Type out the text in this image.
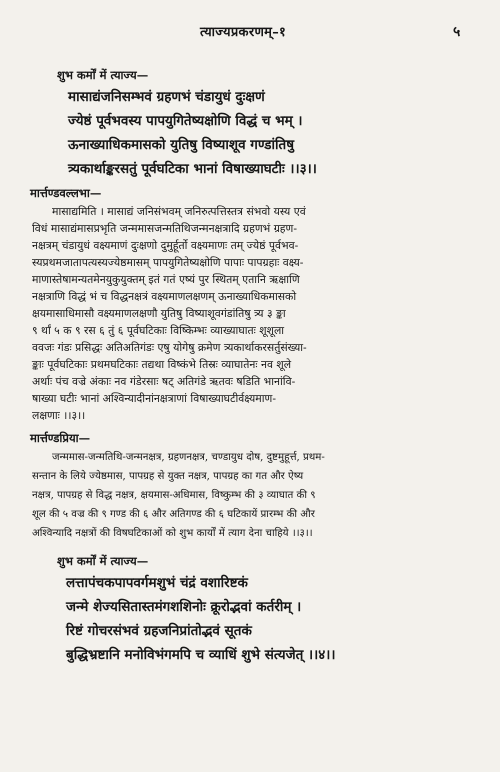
त्याज्यप्रकरणम्–१	५
शुभ कर्मों में त्याज्य—
मासाद्यंजनिसम्भवं ग्रहणभं चंडायुधं दुःक्षणं
ज्येष्ठं पूर्वभवस्य पापयुगितेष्यक्षोणि विद्धं च भम् ।
ऊनाख्याधिकमासको युतिषु विष्याशूव गण्डांतिषु
त्र्यकार्थाङ्करसतुं पूर्वघटिका भानां विषाख्याघटीः ।।३।।
मार्त्तण्डवल्लभा—
मासाद्यमिति । मासाद्यं जनिसंभवम् जनिरुत्पत्तिस्तत्र संभवो यस्य एवं
विधं मासाद्यंमासप्रभृति जन्ममासजन्मतिथिजन्मनक्षत्रादि ग्रहणभं ग्रहण-
नक्षत्रम् चंडायुधं वक्ष्यमाणं दुःक्षणो दुमुर्हूर्तो वक्ष्यमाणः तम् ज्येष्ठं पूर्वभव-
स्यप्रथमजातापत्यस्यज्येष्ठमासम् पापयुगितेष्यक्षोणि पापाः पापग्रहाः वक्ष्य-
माणास्तेषामन्यतमेनयुकुयुक्तम् इतं गतं एष्यं पुर स्थितम् एतानि ऋक्षाणि
नक्षत्राणि विद्धं भं च विद्धनक्षत्रं वक्ष्यमाणलक्षणम् ऊनाख्याधिकमासको
क्षयमासाधिमासौ वक्ष्यमाणलक्षणौ युतिषु विष्याशूवगंडांतिषु त्र्य ३ ङ्का
९ र्थां ५ क ९ रस ६ तुं ६ पूर्वघटिकाः विष्किम्भः व्याख्याघातः शूशूला
ववजः गंडः प्रसिद्धः अतिअतिगंडः एषु योगेषु क्रमेण त्र्यकार्थाकरसर्तुसंख्या-
ङ्काः पूर्वघटिकाः प्रथमघटिकाः तद्यथा विष्कंभे तिस्रः व्याघातेनः नव शूले
अर्थाः पंच वज्रे अंकाः नव गंडेरसाः षट् अतिगंडे ऋतवः षडिति भानांवि-
षाख्या घटीः भानां अश्विन्यादीनांनक्षत्राणां विषाख्याघटीर्वक्ष्यमाण-
लक्षणाः ।।३।।
मार्त्तण्डप्रिया—
जन्ममास-जन्मतिथि-जन्मनक्षत्र, ग्रहणनक्षत्र, चण्डायुध दोष, दुष्टमुहूर्त्त, प्रथम-
सन्तान के लिये ज्येष्ठमास, पापग्रह से युक्त नक्षत्र, पापग्रह का गत और ऐष्य
नक्षत्र, पापग्रह से विद्ध नक्षत्र, क्षयमास-अधिमास, विष्कुम्भ की ३ व्याघात की ९
शूल की ५ वज्र की ९ गण्ड की ६ और अतिगण्ड की ६ घटिकायें प्रारम्भ की और
अश्विन्यादि नक्षत्रों की विषघटिकाओं को शुभ कार्यों में त्याग देना चाहिये ।।३।।
शुभ कर्मों में त्याज्य—
लत्तापंचकपापवर्गमशुभं चंद्रं वशारिष्टकं
जन्मे शेज्यसितास्तमंगशशिनोः क्रूरोद्भवां कर्तरीम् ।
रिष्टं गोचरसंभवं ग्रहजनिप्रांतोद्भवं सूतकं
बुद्धिभ्रष्टानि मनोविभंगमपि च व्याधिं शुभे संत्यजेत् ।।४।।
